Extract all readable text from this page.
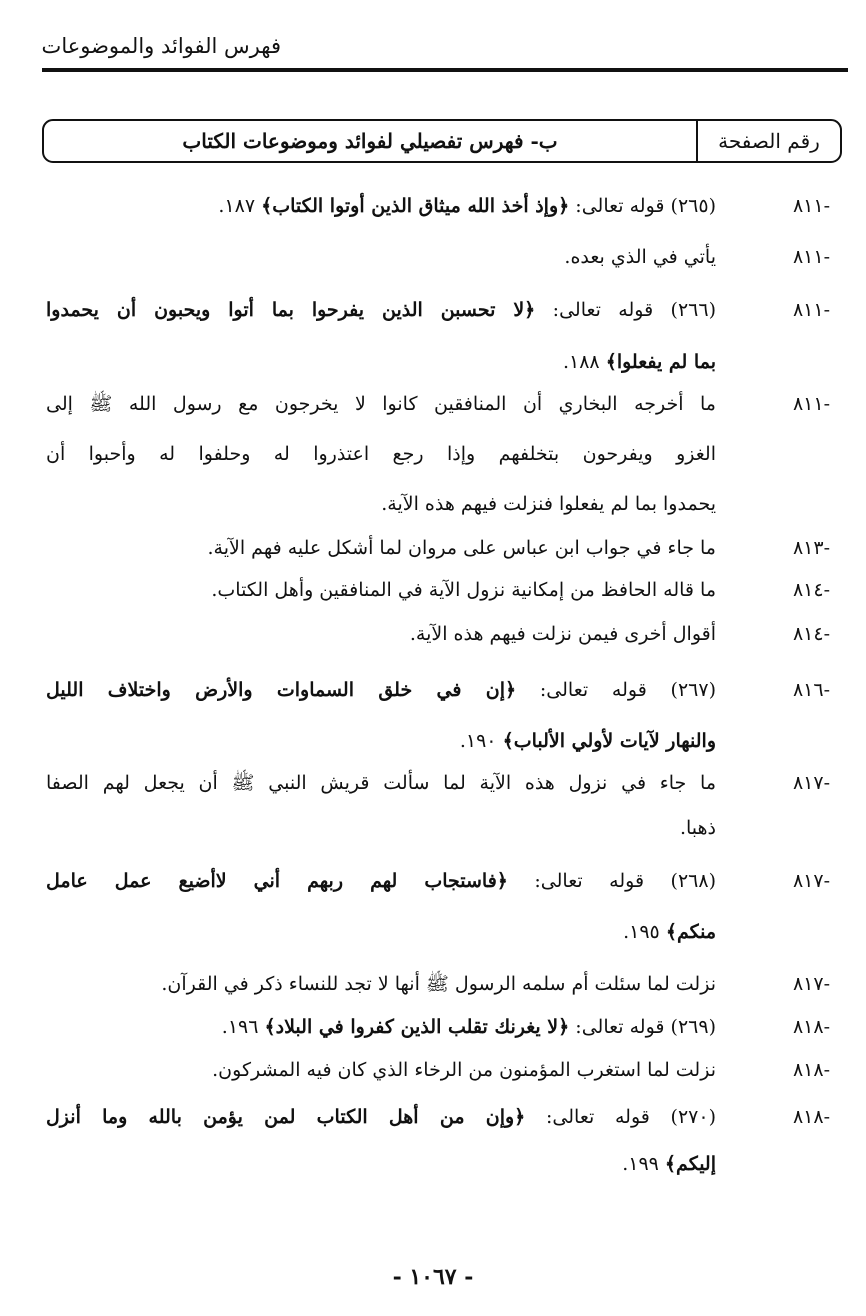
فهرس الفوائد والموضوعات
رقم الصفحة
ب- فهرس تفصيلي لفوائد وموضوعات الكتاب
-٨١١
(٢٦٥) قوله تعالى: ﴿وإذ أخذ الله ميثاق الذين أوتوا الكتاب﴾ ١٨٧.
-٨١١
يأتي في الذي بعده.
-٨١١
(٢٦٦) قوله تعالى: ﴿لا تحسبن الذين يفرحوا بما أتوا ويحبون أن يحمدوا
بما لم يفعلوا﴾ ١٨٨.
-٨١١
ما أخرجه البخاري أن المنافقين كانوا لا يخرجون مع رسول الله ﷺ إلى
الغزو ويفرحون بتخلفهم وإذا رجع اعتذروا له وحلفوا له وأحبوا أن
يحمدوا بما لم يفعلوا فنزلت فيهم هذه الآية.
-٨١٣
ما جاء في جواب ابن عباس على مروان لما أشكل عليه فهم الآية.
-٨١٤
ما قاله الحافظ من إمكانية نزول الآية في المنافقين وأهل الكتاب.
-٨١٤
أقوال أخرى فيمن نزلت فيهم هذه الآية.
-٨١٦
(٢٦٧) قوله تعالى: ﴿إن في خلق السماوات والأرض واختلاف الليل
والنهار لآيات لأولي الألباب﴾ ١٩٠.
-٨١٧
ما جاء في نزول هذه الآية لما سألت قريش النبي ﷺ أن يجعل لهم الصفا
ذهبا.
-٨١٧
(٢٦٨) قوله تعالى: ﴿فاستجاب لهم ربهم أني لاأضيع عمل عامل
منكم﴾ ١٩٥.
-٨١٧
نزلت لما سئلت أم سلمه الرسول ﷺ أنها لا تجد للنساء ذكر في القرآن.
-٨١٨
(٢٦٩) قوله تعالى: ﴿لا يغرنك تقلب الذين كفروا في البلاد﴾ ١٩٦.
-٨١٨
نزلت لما استغرب المؤمنون من الرخاء الذي كان فيه المشركون.
-٨١٨
(٢٧٠) قوله تعالى: ﴿وإن من أهل الكتاب لمن يؤمن بالله وما أنزل
إليكم﴾ ١٩٩.
- ١٠٦٧ -
